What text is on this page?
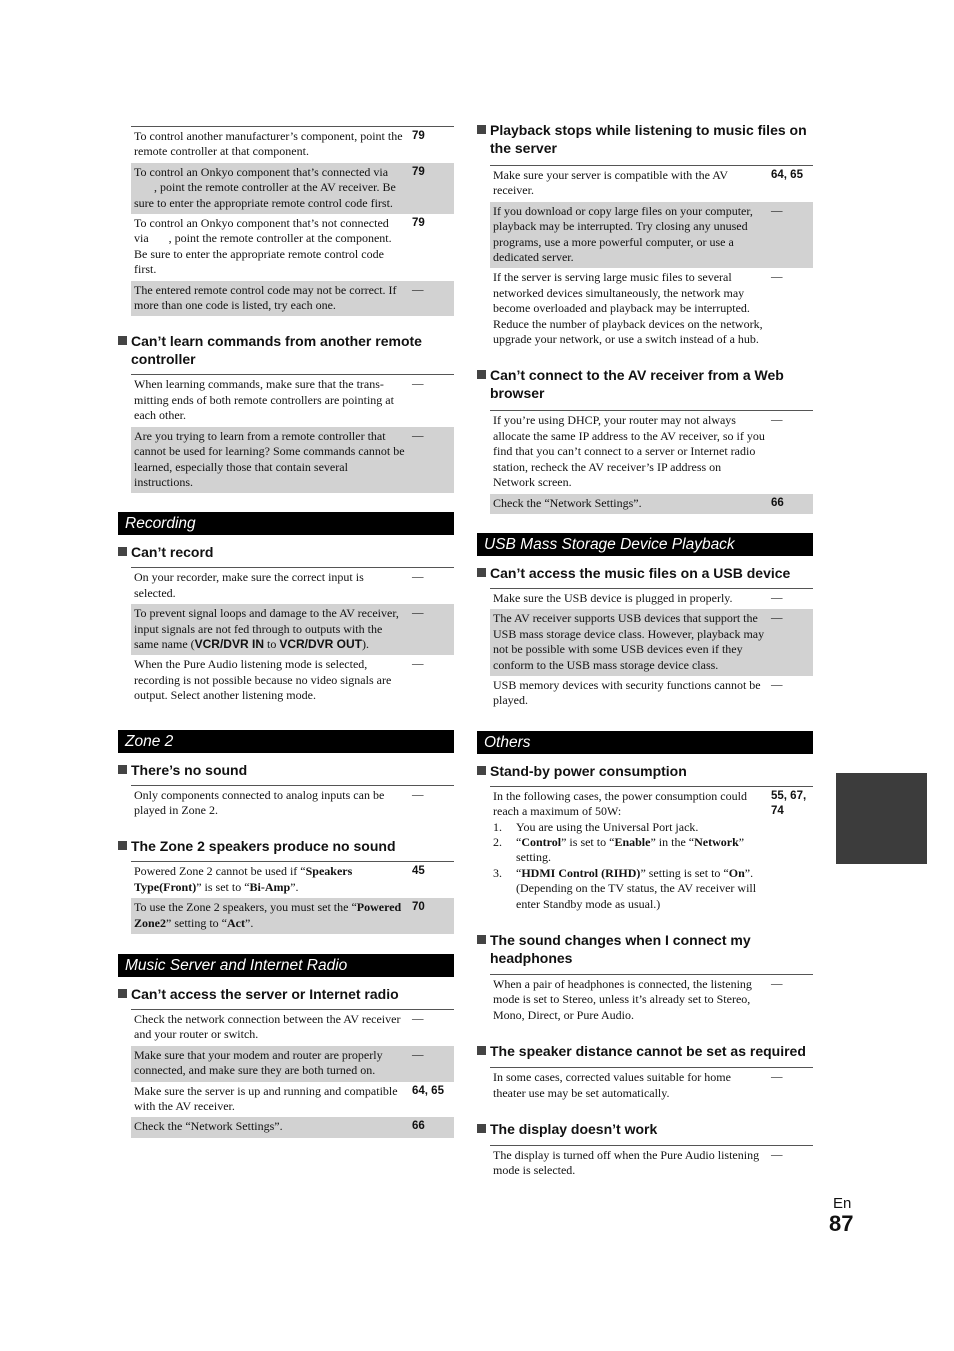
To control another manufacturer’s component, point the remote controller at that component.
79
To control an Onkyo component that’s connected via
, point the remote controller at the AV receiver. Be sure to enter the appropriate remote control code first.
79
To control an Onkyo component that’s not connected via , point the remote controller at the component. Be sure to enter the appropriate remote control code first.
79
The entered remote control code may not be correct. If more than one code is listed, try each one.
—
Can’t learn commands from another remote controller
When learning commands, make sure that the transmitting ends of both remote controllers are pointing at each other.
—
Are you trying to learn from a remote controller that cannot be used for learning? Some commands cannot be learned, especially those that contain several instructions.
—
Recording
Can’t record
On your recorder, make sure the correct input is selected.
—
To prevent signal loops and damage to the AV receiver, input signals are not fed through to outputs with the same name (VCR/DVR IN to VCR/DVR OUT).
—
When the Pure Audio listening mode is selected, recording is not possible because no video signals are output. Select another listening mode.
—
Zone 2
There’s no sound
Only components connected to analog inputs can be played in Zone 2.
—
The Zone 2 speakers produce no sound
Powered Zone 2 cannot be used if “Speakers Type(Front)” is set to “Bi-Amp”.
45
To use the Zone 2 speakers, you must set the “Powered Zone2” setting to “Act”.
70
Music Server and Internet Radio
Can’t access the server or Internet radio
Check the network connection between the AV receiver and your router or switch.
—
Make sure that your modem and router are properly connected, and make sure they are both turned on.
—
Make sure the server is up and running and compatible with the AV receiver.
64, 65
Check the “Network Settings”.	66
Playback stops while listening to music files on the server
Make sure your server is compatible with the AV receiver.
64, 65
If you download or copy large files on your computer, playback may be interrupted. Try closing any unused programs, use a more powerful computer, or use a dedicated server.
—
If the server is serving large music files to several networked devices simultaneously, the network may become overloaded and playback may be interrupted. Reduce the number of playback devices on the network, upgrade your network, or use a switch instead of a hub.
—
Can’t connect to the AV receiver from a Web browser
If you’re using DHCP, your router may not always allocate the same IP address to the AV receiver, so if you find that you can’t connect to a server or Internet radio station, recheck the AV receiver’s IP address on Network screen.
—
Check the “Network Settings”.	66
USB Mass Storage Device Playback
Can’t access the music files on a USB device
Make sure the USB device is plugged in properly.	—
The AV receiver supports USB devices that support the USB mass storage device class. However, playback may not be possible with some USB devices even if they conform to the USB mass storage device class.
—
USB memory devices with security functions cannot be played.
—
Others
Stand-by power consumption
In the following cases, the power consumption could reach a maximum of 50W:
1.	You are using the Universal Port jack.
2.	“Control” is set to “Enable” in the “Network” setting.
3.	“HDMI Control (RIHD)” setting is set to “On”. (Depending on the TV status, the AV receiver will enter Standby mode as usual.)
55, 67, 74
The sound changes when I connect my headphones
When a pair of headphones is connected, the listening mode is set to Stereo, unless it’s already set to Stereo, Mono, Direct, or Pure Audio.
—
The speaker distance cannot be set as required
In some cases, corrected values suitable for home theater use may be set automatically.
—
The display doesn’t work
The display is turned off when the Pure Audio listening mode is selected.
—
En
87
